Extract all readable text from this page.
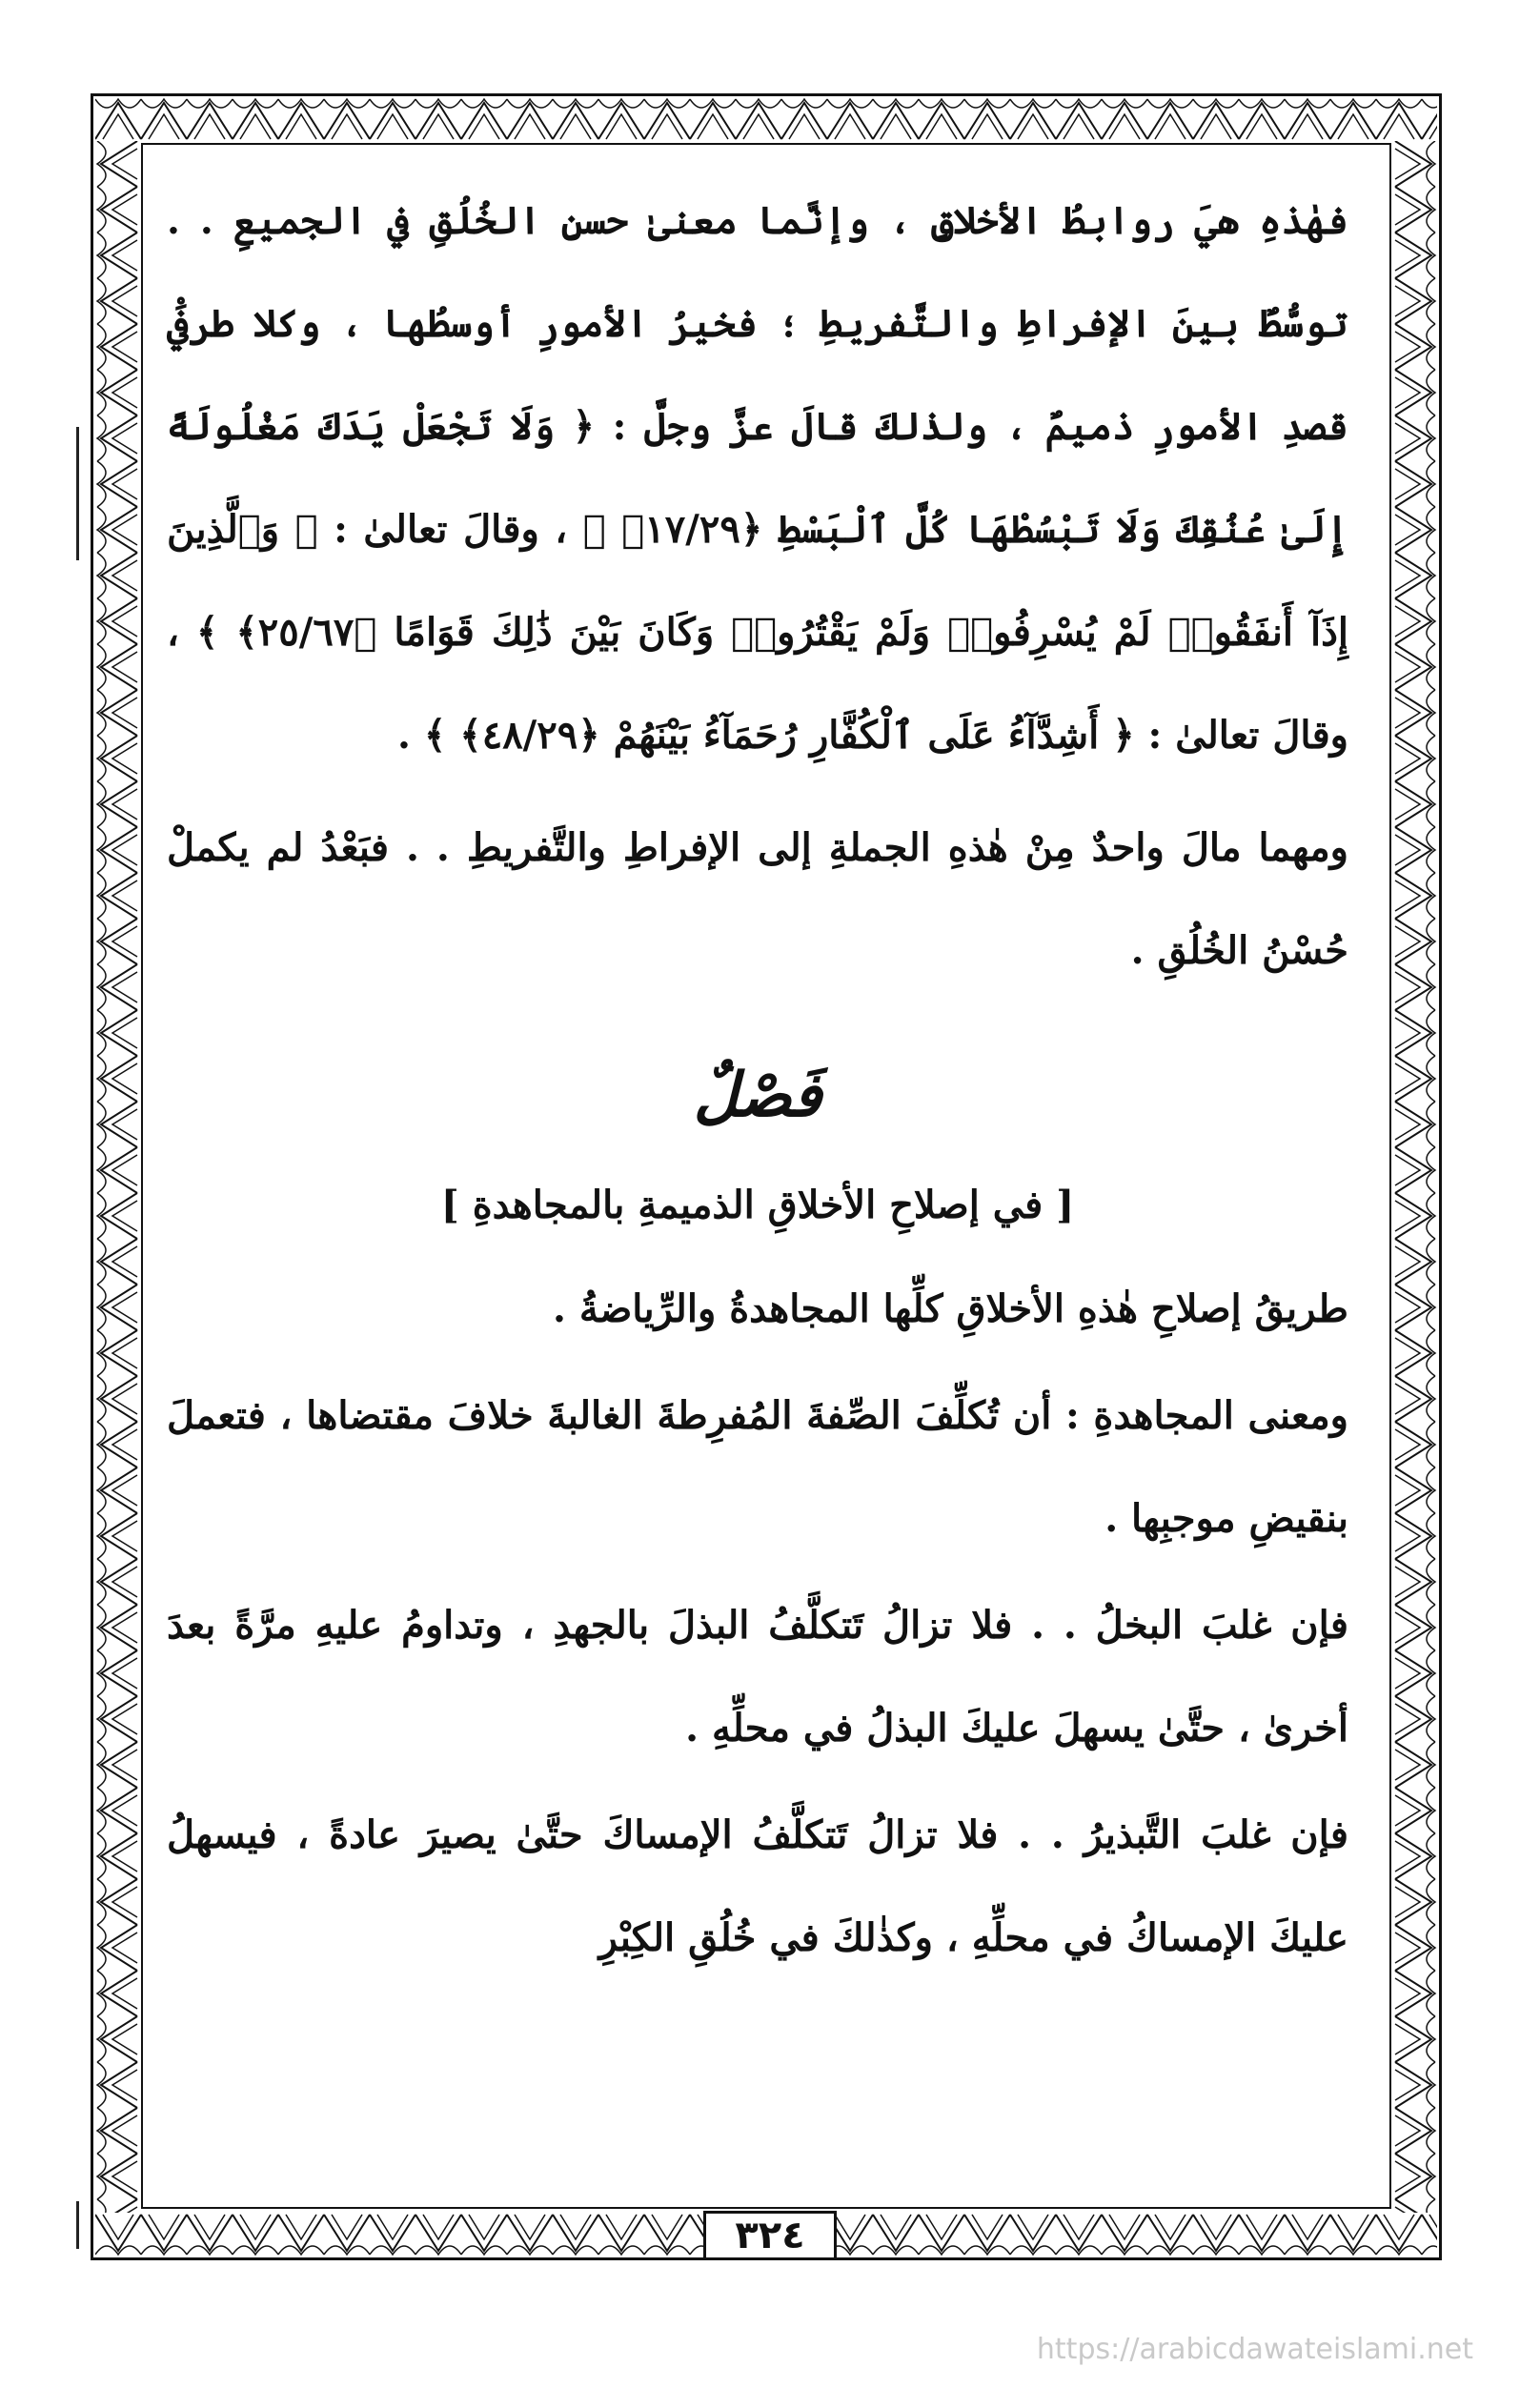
فهٰذهِ هيَ روابطُ الأخلاقِ ، وإنَّما معنىٰ حسنِ الخُلُقِ في الجميعِ . . توسُّطٌ بينَ الإفراطِ والتَّفريطِ ؛ فخيرُ الأمورِ أوسطُها ، وكلا طرفَيْ قصدِ الأمورِ ذميمٌ ، ولذٰلكَ قالَ عزَّ وجلَّ : ﴿ وَلَا تَجْعَلْ يَدَكَ مَغْلُولَةً إِلَىٰ عُنُقِكَ وَلَا تَبْسُطْهَا كُلَّ ٱلْبَسْطِ ﴿١٧/٢٩﴾ ﴾ ، وقالَ تعالىٰ : ﴿ وَٱلَّذِينَ إِذَآ أَنفَقُوا۟ لَمْ يُسْرِفُوا۟ وَلَمْ يَقْتُرُوا۟ وَكَانَ بَيْنَ ذَٰلِكَ قَوَامًا ﴿٢٥/٦٧﴾ ﴾ ، وقالَ تعالىٰ : ﴿ أَشِدَّآءُ عَلَى ٱلْكُفَّارِ رُحَمَآءُ بَيْنَهُمْ ﴿٤٨/٢٩﴾ ﴾ .

ومهما مالَ واحدٌ مِنْ هٰذهِ الجملةِ إلى الإفراطِ والتَّفريطِ . . فبَعْدُ لم يكملْ حُسْنُ الخُلُقِ .

فَصْلٌ

[ في إصلاحِ الأخلاقِ الذميمةِ بالمجاهدةِ ]

طريقُ إصلاحِ هٰذهِ الأخلاقِ كلِّها المجاهدةُ والرِّياضةُ .

ومعنى المجاهدةِ : أن تُكلِّفَ الصِّفةَ المُفرِطةَ الغالبةَ خلافَ مقتضاها ، فتعملَ بنقيضِ موجبِها .

فإن غلبَ البخلُ . . فلا تزالُ تَتكلَّفُ البذلَ بالجهدِ ، وتداومُ عليهِ مرَّةً بعدَ أخرىٰ ، حتَّىٰ يسهلَ عليكَ البذلُ في محلِّهِ .

فإن غلبَ التَّبذيرُ . . فلا تزالُ تَتكلَّفُ الإمساكَ حتَّىٰ يصيرَ عادةً ، فيسهلُ عليكَ الإمساكُ في محلِّهِ ، وكذٰلكَ في خُلُقِ الكِبْرِ

٣٢٤
https://arabicdawateislami.net
